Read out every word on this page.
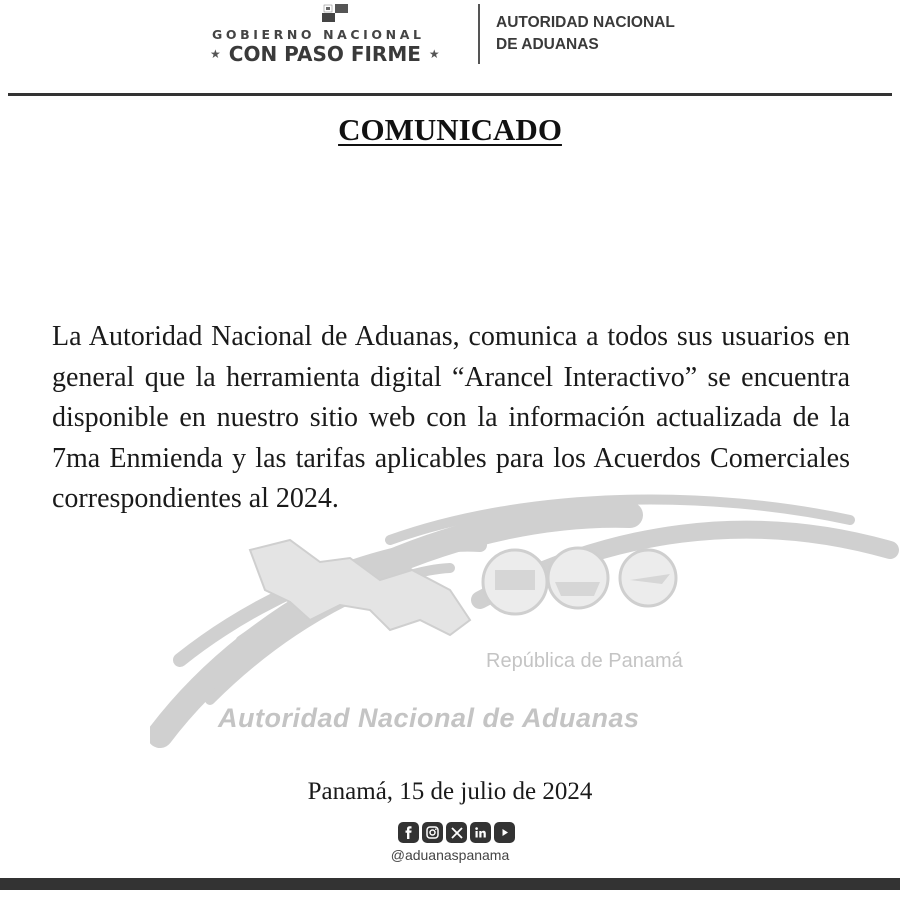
GOBIERNO NACIONAL
★ CON PASO FIRME ★
AUTORIDAD NACIONAL
DE ADUANAS
República de Panamá
Autoridad Nacional de Aduanas
COMUNICADO
La Autoridad Nacional de Aduanas, comunica a todos sus usuarios en general que la herramienta digital “Arancel Interactivo” se encuentra disponible en nuestro sitio web con la información actualizada de la 7ma Enmienda y las tarifas aplicables para los Acuerdos Comerciales correspondientes al 2024.
Panamá, 15 de julio de 2024
@aduanaspanama
